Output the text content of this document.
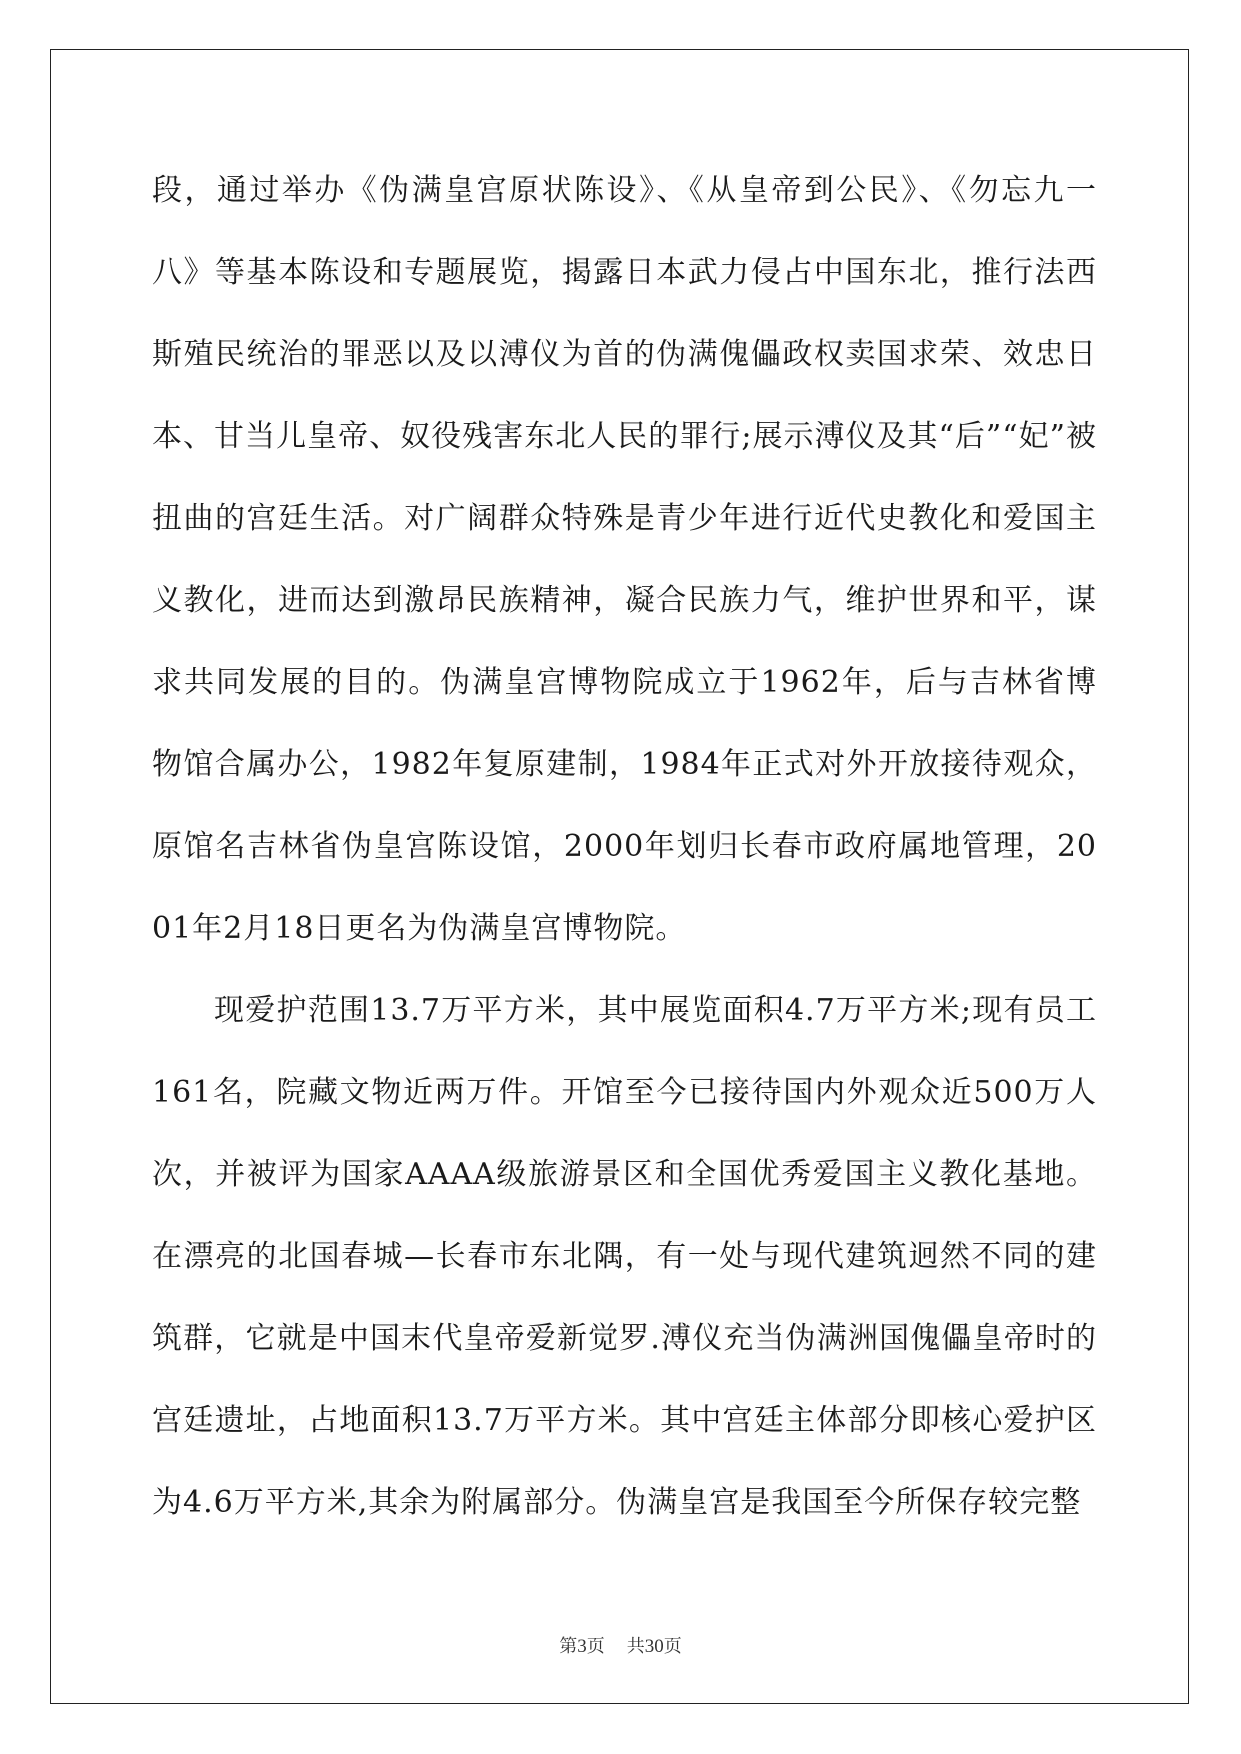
段，通过举办《伪满皇宫原状陈设》、《从皇帝到公民》、《勿忘九一八》等基本陈设和专题展览，揭露日本武力侵占中国东北，推行法西斯殖民统治的罪恶以及以溥仪为首的伪满傀儡政权卖国求荣、效忠日本、甘当儿皇帝、奴役残害东北人民的罪行;展示溥仪及其“后”“妃”被扭曲的宫廷生活。对广阔群众特殊是青少年进行近代史教化和爱国主义教化，进而达到激昂民族精神，凝合民族力气，维护世界和平，谋求共同发展的目的。伪满皇宫博物院成立于1962年，后与吉林省博物馆合属办公，1982年复原建制，1984年正式对外开放接待观众，原馆名吉林省伪皇宫陈设馆，2000年划归长春市政府属地管理，2001年2月18日更名为伪满皇宫博物院。

现爱护范围13.7万平方米，其中展览面积4.7万平方米;现有员工161名，院藏文物近两万件。开馆至今已接待国内外观众近500万人次，并被评为国家AAAA级旅游景区和全国优秀爱国主义教化基地。在漂亮的北国春城—长春市东北隅，有一处与现代建筑迥然不同的建筑群，它就是中国末代皇帝爱新觉罗.溥仪充当伪满洲国傀儡皇帝时的宫廷遗址，占地面积13.7万平方米。其中宫廷主体部分即核心爱护区为4.6万平方米,其余为附属部分。伪满皇宫是我国至今所保存较完整

第3页 共30页
